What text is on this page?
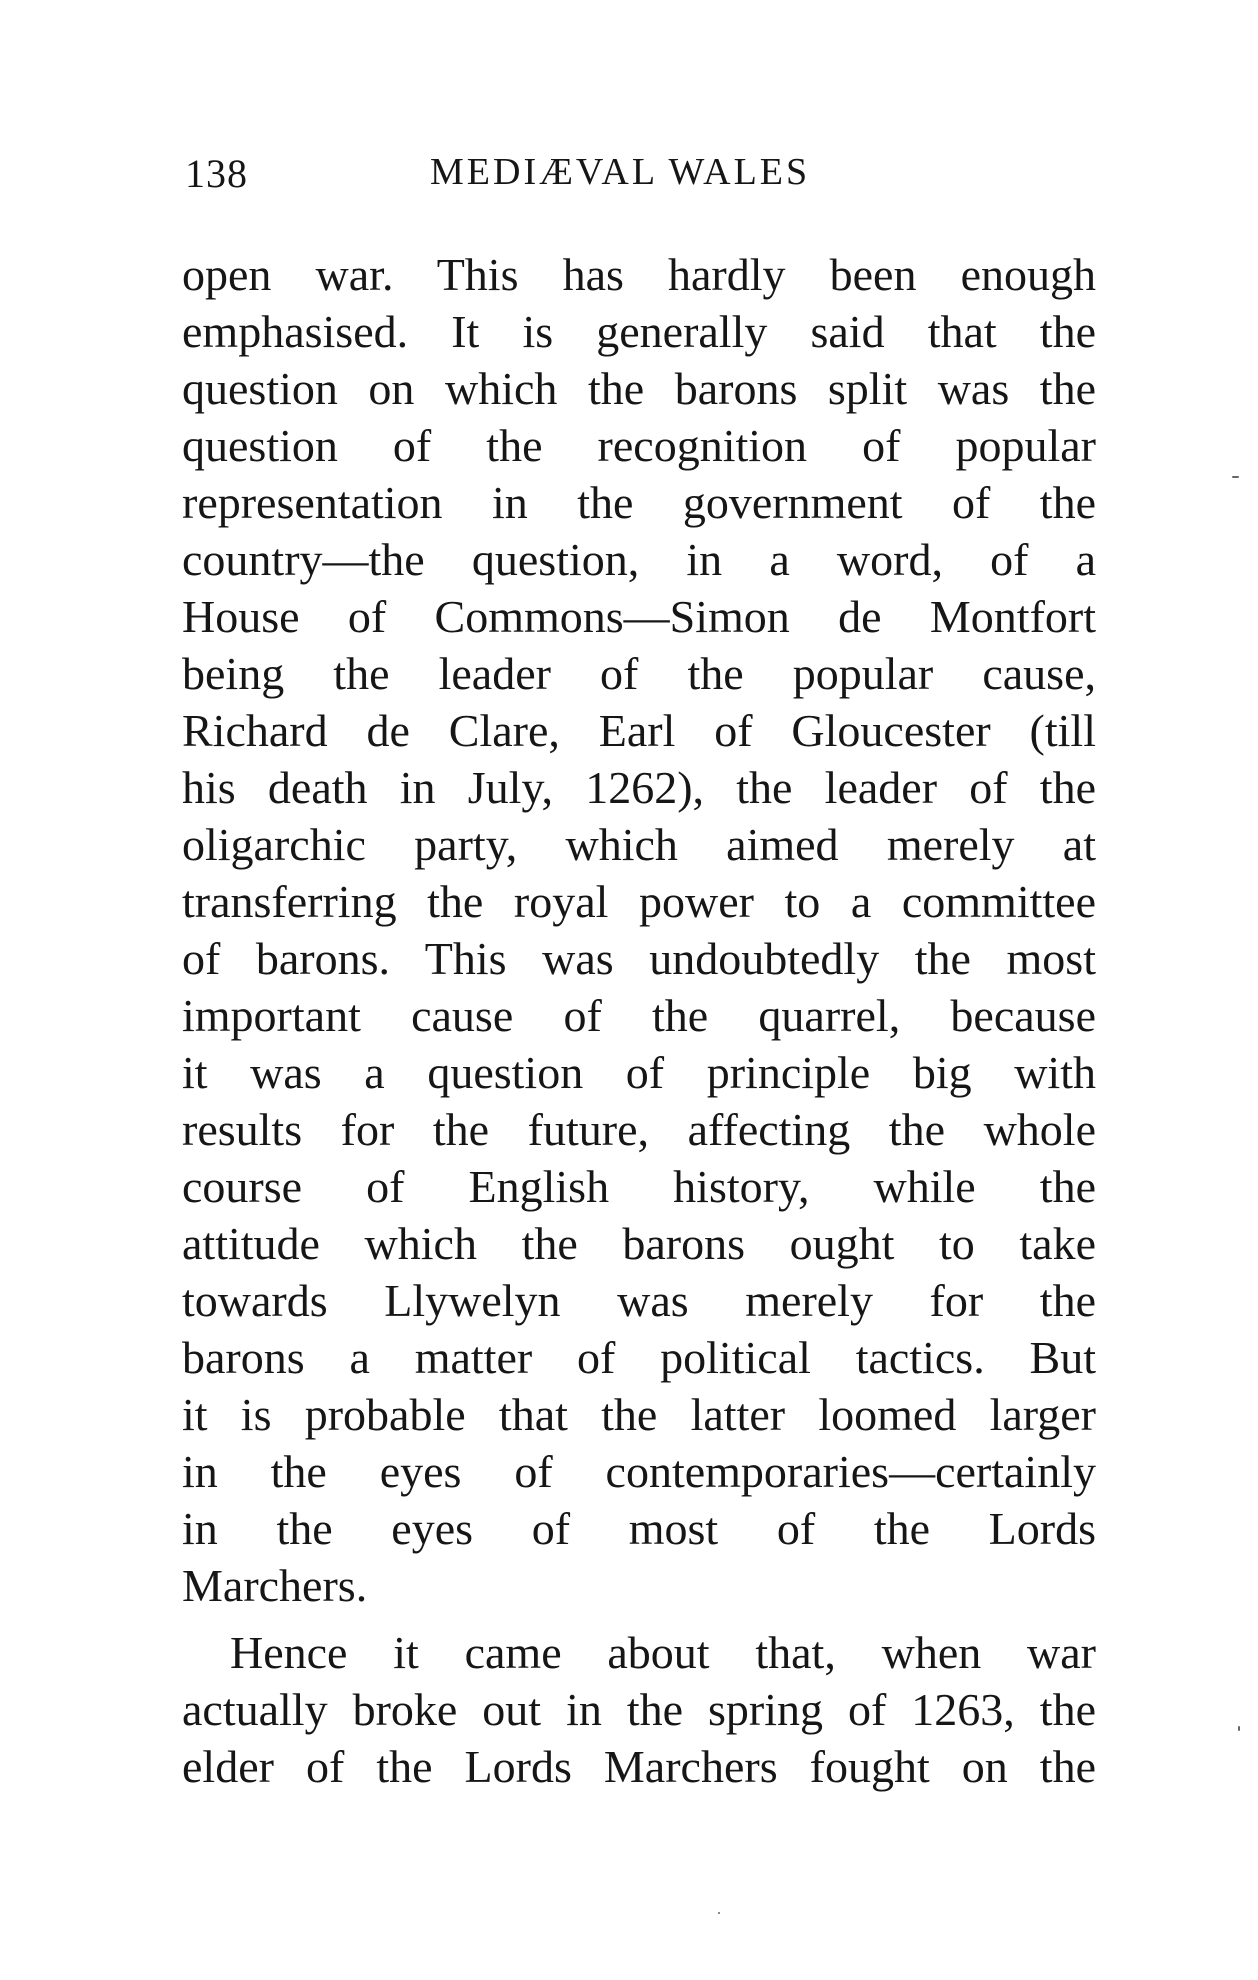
138	MEDIÆVAL WALES
open war. This has hardly been enough
emphasised. It is generally said that the
question on which the barons split was the
question of the recognition of popular
representation in the government of the
country—the question, in a word, of a
House of Commons—Simon de Montfort
being the leader of the popular cause,
Richard de Clare, Earl of Gloucester (till
his death in July, 1262), the leader of the
oligarchic party, which aimed merely at
transferring the royal power to a committee
of barons. This was undoubtedly the most
important cause of the quarrel, because
it was a question of principle big with
results for the future, affecting the whole
course of English history, while the
attitude which the barons ought to take
towards Llywelyn was merely for the
barons a matter of political tactics. But
it is probable that the latter loomed larger
in the eyes of contemporaries—certainly
in the eyes of most of the Lords
Marchers.
Hence it came about that, when war
actually broke out in the spring of 1263, the
elder of the Lords Marchers fought on the
